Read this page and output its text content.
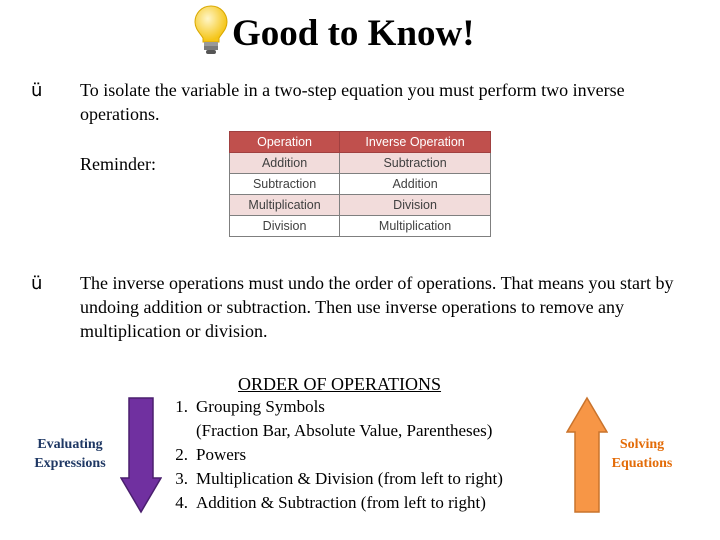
Good to Know!
ü To isolate the variable in a two-step equation you must perform two inverse operations.
Reminder:
Operation	Inverse Operation
Addition	Subtraction
Subtraction	Addition
Multiplication	Division
Division	Multiplication
ü The inverse operations must undo the order of operations. That means you start by undoing addition or subtraction. Then use inverse operations to remove any multiplication or division.
ORDER OF OPERATIONS
1. Grouping Symbols
(Fraction Bar, Absolute Value, Parentheses)
2. Powers
3. Multiplication & Division (from left to right)
4. Addition & Subtraction (from left to right)
Evaluating
Expressions
Solving
Equations
